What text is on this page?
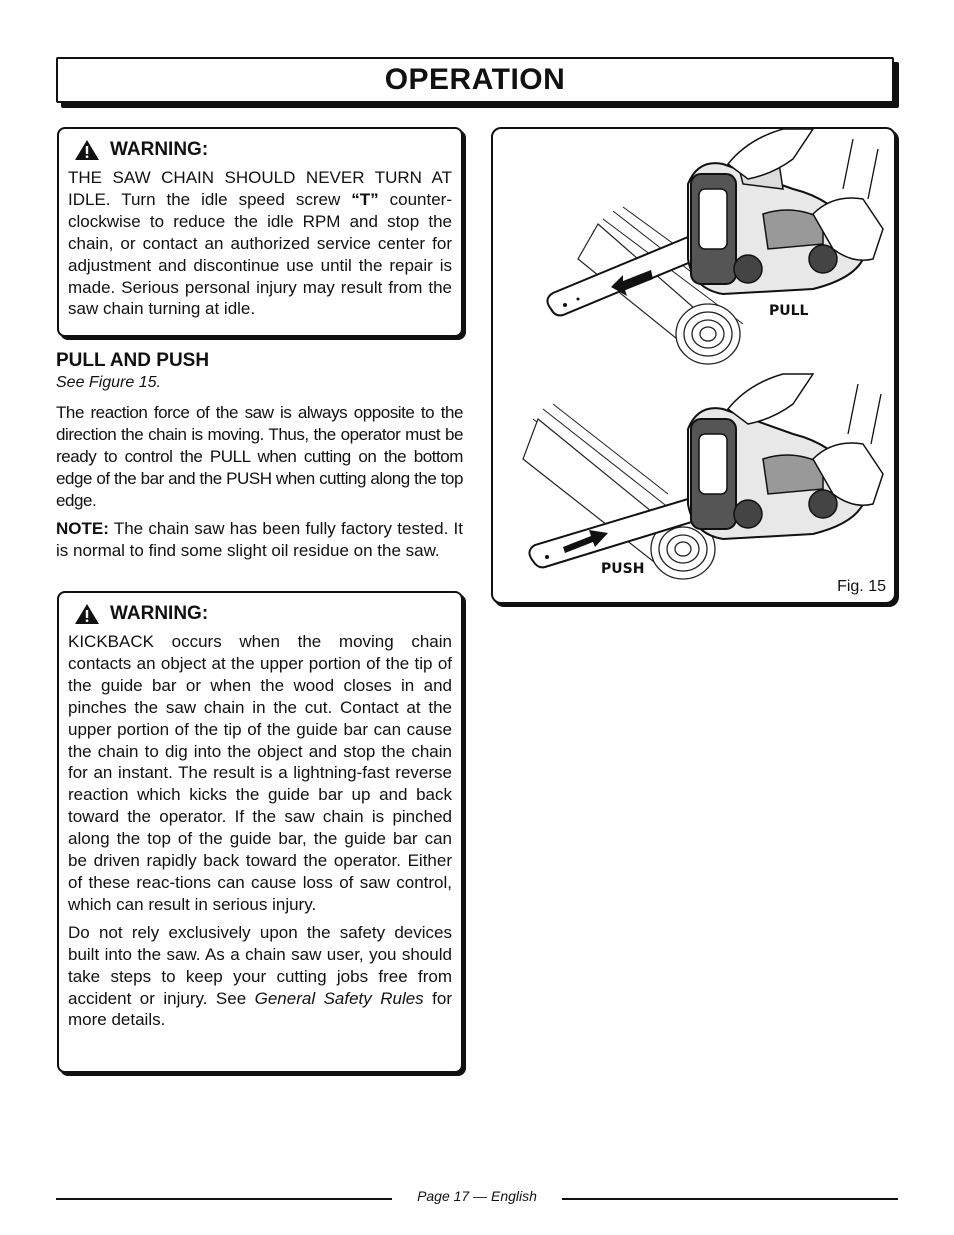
OPERATION
WARNING:

THE SAW CHAIN SHOULD NEVER TURN AT IDLE. Turn the idle speed screw “T” counter-clockwise to reduce the idle RPM and stop the chain, or contact an authorized service center for adjustment and discontinue use until the repair is made. Serious personal injury may result from the saw chain turning at idle.

PULL AND PUSH

See Figure 15.

The reaction force of the saw is always opposite to the direction the chain is moving. Thus, the operator must be ready to control the PULL when cutting on the bottom edge of the bar and the PUSH when cutting along the top edge.

NOTE: The chain saw has been fully factory tested. It is normal to find some slight oil residue on the saw.

WARNING:

KICKBACK occurs when the moving chain contacts an object at the upper portion of the tip of the guide bar or when the wood closes in and pinches the saw chain in the cut. Contact at the upper portion of the tip of the guide bar can cause the chain to dig into the object and stop the chain for an instant. The result is a lightning-fast reverse reaction which kicks the guide bar up and back toward the operator. If the saw chain is pinched along the top of the guide bar, the guide bar can be driven rapidly back toward the operator. Either of these reac-tions can cause loss of saw control, which can result in serious injury.

Do not rely exclusively upon the safety devices built into the saw. As a chain saw user, you should take steps to keep your cutting jobs free from accident or injury. See General Safety Rules for more details.

PULL
PUSH
Fig. 15
Page 17 — English
